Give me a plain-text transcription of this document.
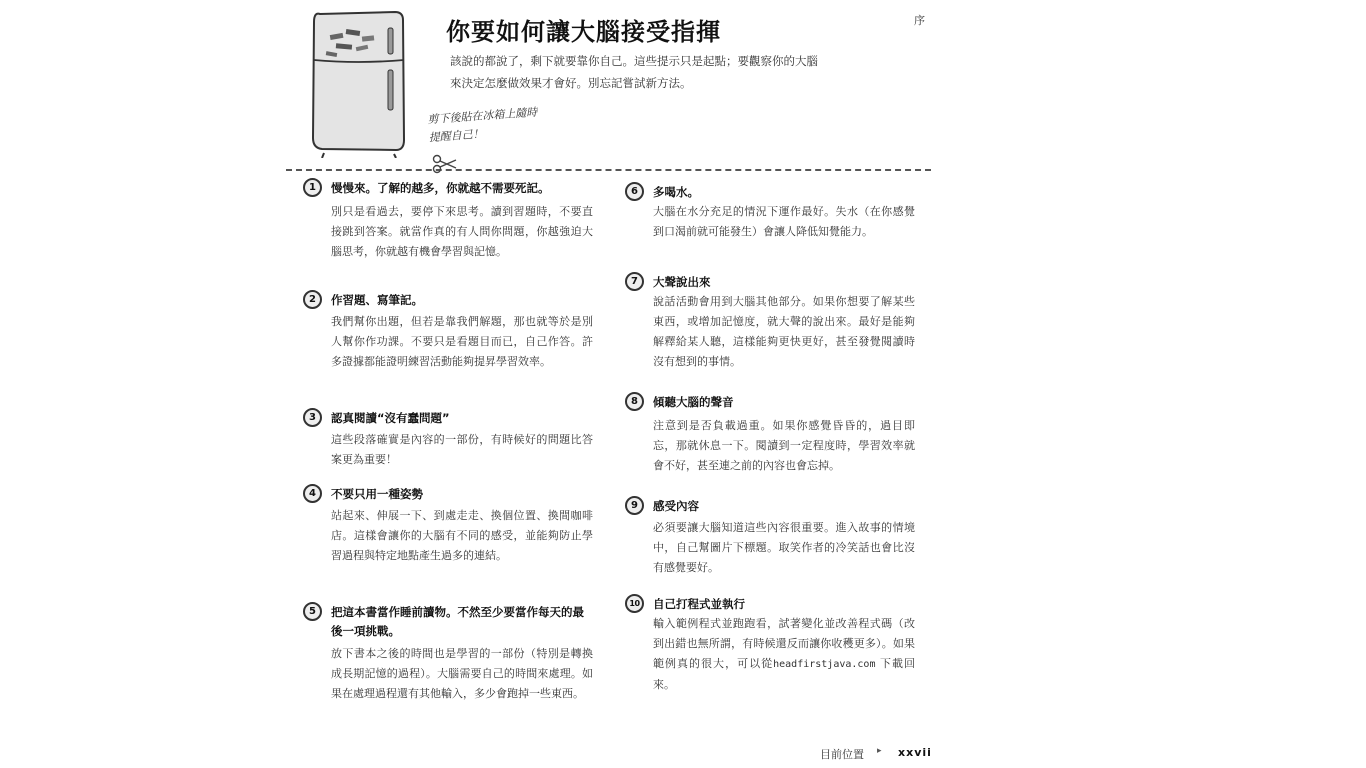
剪下後貼在冰箱上隨時
提醒自己！
你要如何讓大腦接受指揮	序
該說的都說了，剩下就要靠你自己。這些提示只是起點；要觀察你的大腦來決定怎麼做效果才會好。別忘記嘗試新方法。
1	慢慢來。了解的越多，你就越不需要死記。
別只是看過去，要停下來思考。讀到習題時，不要直接跳到答案。就當作真的有人問你問題，你越強迫大腦思考，你就越有機會學習與記憶。
2	作習題、寫筆記。
我們幫你出題，但若是靠我們解題，那也就等於是別人幫你作功課。不要只是看題目而已，自己作答。許多證據都能證明練習活動能夠提昇學習效率。
3	認真閱讀“沒有蠢問題”
這些段落確實是內容的一部份，有時候好的問題比答案更為重要！
4	不要只用一種姿勢
站起來、伸展一下、到處走走、換個位置、換間咖啡店。這樣會讓你的大腦有不同的感受，並能夠防止學習過程與特定地點產生過多的連結。
5	把這本書當作睡前讀物。不然至少要當作每天的最後一項挑戰。
放下書本之後的時間也是學習的一部份（特別是轉換成長期記憶的過程）。大腦需要自己的時間來處理。如果在處理過程還有其他輸入，多少會跑掉一些東西。
6	多喝水。
大腦在水分充足的情況下運作最好。失水（在你感覺到口渴前就可能發生）會讓人降低知覺能力。
7	大聲說出來
說話活動會用到大腦其他部分。如果你想要了解某些東西，或增加記憶度，就大聲的說出來。最好是能夠解釋給某人聽，這樣能夠更快更好，甚至發覺閱讀時沒有想到的事情。
8	傾聽大腦的聲音
注意到是否負載過重。如果你感覺昏昏的，過目即忘，那就休息一下。閱讀到一定程度時，學習效率就會不好，甚至連之前的內容也會忘掉。
9	感受內容
必須要讓大腦知道這些內容很重要。進入故事的情境中，自己幫圖片下標題。取笑作者的冷笑話也會比沒有感覺要好。
10	自己打程式並執行
輸入範例程式並跑跑看，試著變化並改善程式碼（改到出錯也無所謂，有時候還反而讓你收穫更多）。如果範例真的很大，可以從headfirstjava.com 下載回來。
目前位置 ▸ xxvii
